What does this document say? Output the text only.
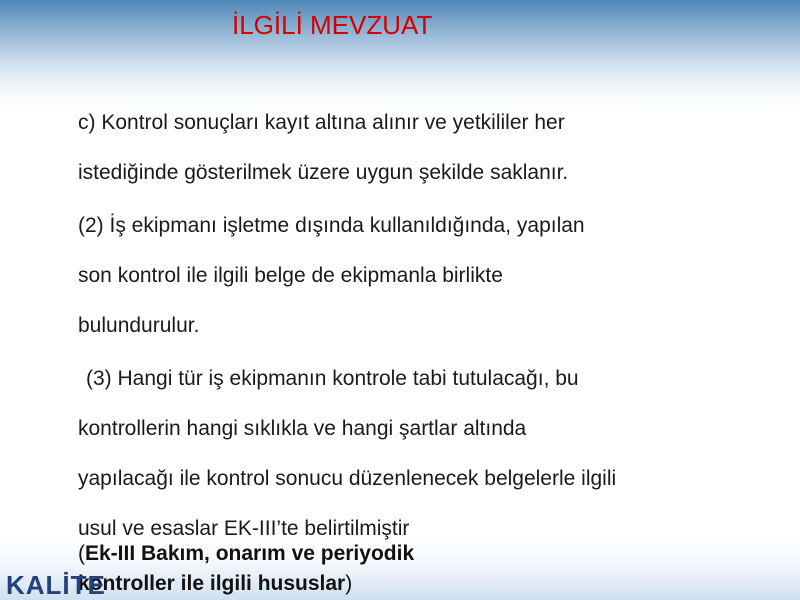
İLGİLİ MEVZUAT

c) Kontrol sonuçları kayıt altına alınır ve yetkililer her
istediğinde gösterilmek üzere uygun şekilde saklanır.

(2) İş ekipmanı işletme dışında kullanıldığında, yapılan
son kontrol ile ilgili belge de ekipmanla birlikte
bulundurulur.

(3) Hangi tür iş ekipmanın kontrole tabi tutulacağı, bu
kontrollerin hangi sıklıkla ve hangi şartlar altında
yapılacağı ile kontrol sonucu düzenlenecek belgelerle ilgili
usul ve esaslar EK-III’te belirtilmiştir

(Ek-III Bakım, onarım ve periyodik
kontroller ile ilgili hususlar)
KALİTE
